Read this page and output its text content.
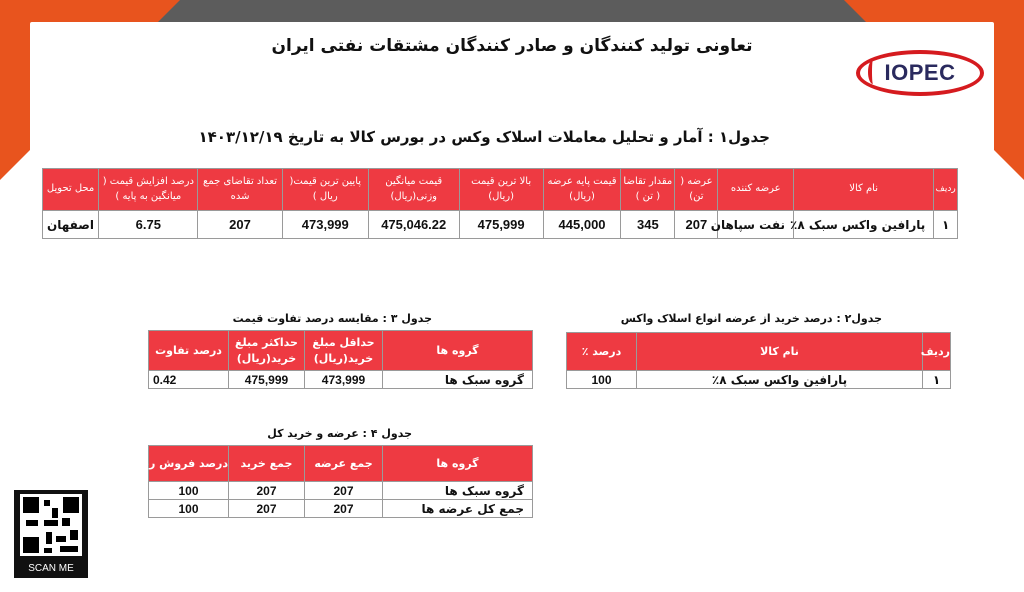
تعاونی تولید کنندگان و صادر کنندگان مشتقات نفتی ایران
IOPEC
جدول۱ : آمار و تحلیل معاملات اسلاک وکس در بورس کالا به تاریخ ۱۴۰۳/۱۲/۱۹
ردیف	نام کالا	عرضه کننده	عرضه ( تن)	مقدار تقاضا ( تن )	قیمت پایه عرضه (ریال)	بالا ترین قیمت (ریال)	قیمت میانگین وزنی(ریال)	پایین ترین قیمت( ریال )	تعداد تقاضای جمع شده	درصد افزایش قیمت ( میانگین به پایه )	محل تحویل
۱	پارافین واکس سبک ۸٪	نفت سپاهان	207	345	445,000	475,999	475,046.22	473,999	207	6.75	اصفهان
جدول ۳ : مقایسه درصد تفاوت قیمت
گروه ها	حداقل مبلغ خرید(ریال)	حداکثر مبلغ خرید(ریال)	درصد تفاوت
گروه سبک ها	473,999	475,999	0.42
جدول۲ : درصد خرید از عرضه انواع اسلاک واکس
ردیف	نام کالا	درصد ٪
۱	پارافین واکس سبک ۸٪	100
جدول ۴ : عرضه و خرید کل
گروه ها	جمع عرضه	جمع خرید	درصد فروش رفته
گروه سبک ها	207	207	100
جمع کل عرضه ها	207	207	100
SCAN ME
